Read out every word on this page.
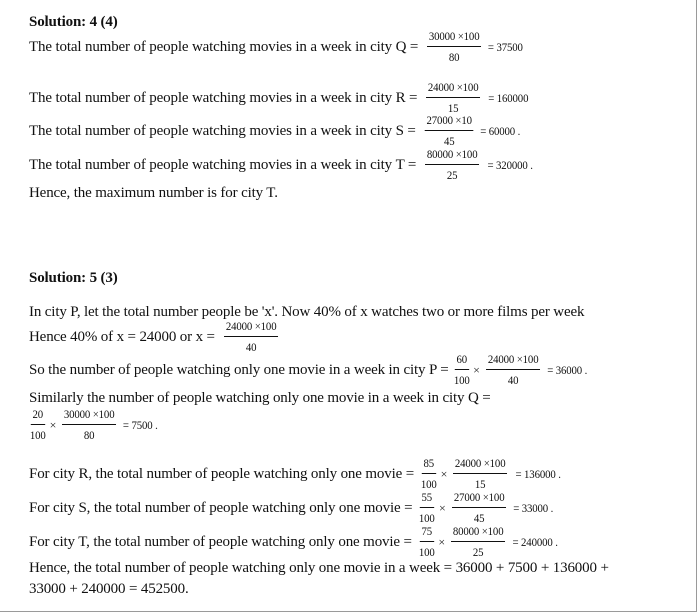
Solution: 4 (4)
The total number of people watching movies in a week in city
$Q = \frac{30000 \times 100}{80} = 37500$
The total number of people watching movies in a week in city
$R = \frac{24000 \times 100}{15} = 160000$
The total number of people watching movies in a week in city
$S = \frac{27000 \times 10}{45} = 60000$ .
The total number of people watching movies in a week in city
$T = \frac{80000 \times 100}{25} = 320000$ .
Hence, the maximum number is for city T.
Solution: 5 (3)
In city P, let the total number people be 'x'. Now 40% of x watches two or more films per week
Hence 40% of x = 24000 or $x = \frac{24000 \times 100}{40}$
So the number of people watching only one movie in a week in city $P = \frac{60}{100} \times \frac{24000 \times 100}{40} = 36000$ .
Similarly the number of people watching only one movie in a week in city Q =
$\frac{20}{100} \times \frac{30000 \times 100}{80} = 7500$ .
For city R,
the total number of people watching only one movie = $\frac{85}{100} \times \frac{24000 \times 100}{15} = 136000$ .
For city S,
the total number of people watching only one movie = $\frac{55}{100} \times \frac{27000 \times 100}{45} = 33000$ .
For city T,
the total number of people watching only one movie = $\frac{75}{100} \times \frac{80000 \times 100}{25} = 240000$ .
Hence, the total number of people watching only one movie in a week = 36000 + 7500 + 136000 +
33000 + 240000 = 452500.
